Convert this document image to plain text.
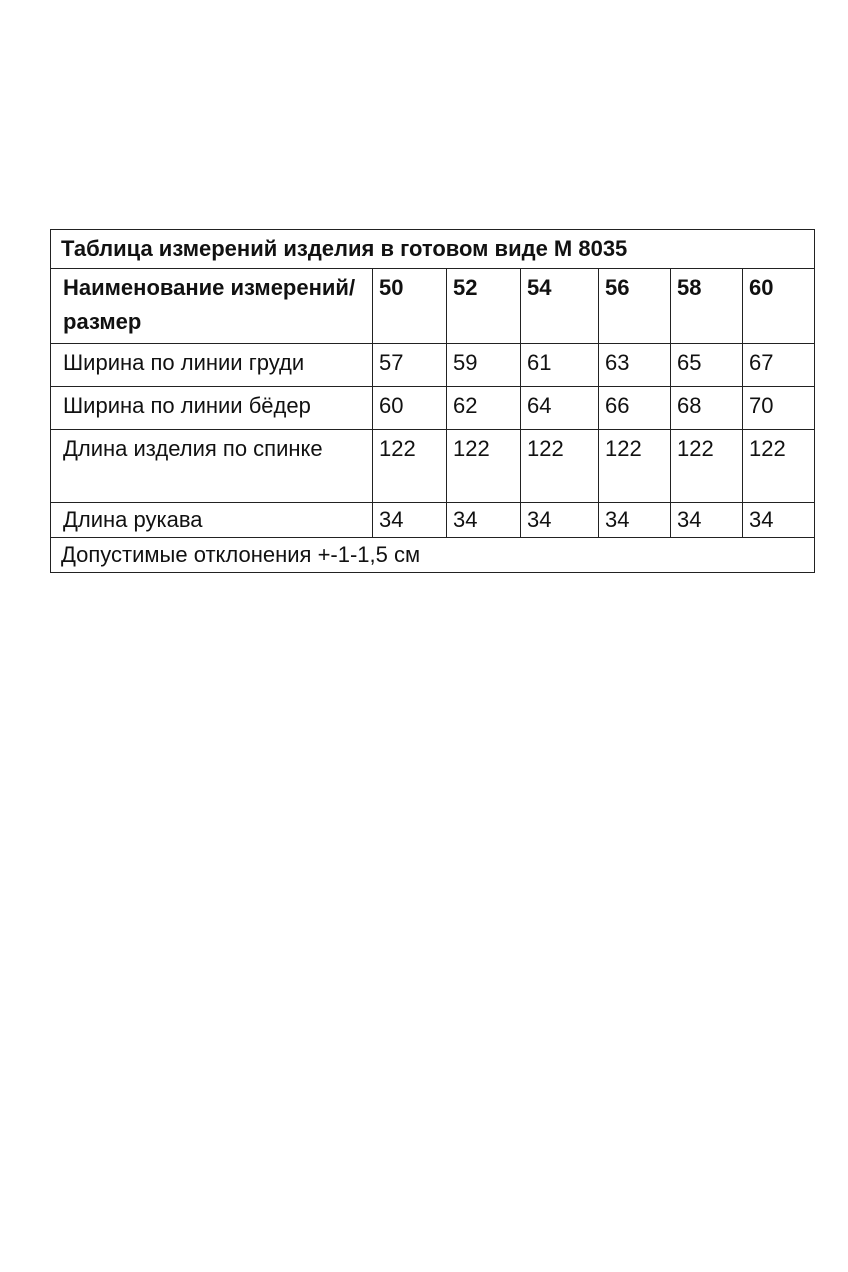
Таблица измерений изделия в готовом виде М 8035						
Наименование измерений/размер	50	52	54	56	58	60
Ширина по линии груди	57	59	61	63	65	67
Ширина по линии бёдер	60	62	64	66	68	70
Длина изделия по спинке	122	122	122	122	122	122
Длина рукава	34	34	34	34	34	34
Допустимые отклонения +-1-1,5 см						
